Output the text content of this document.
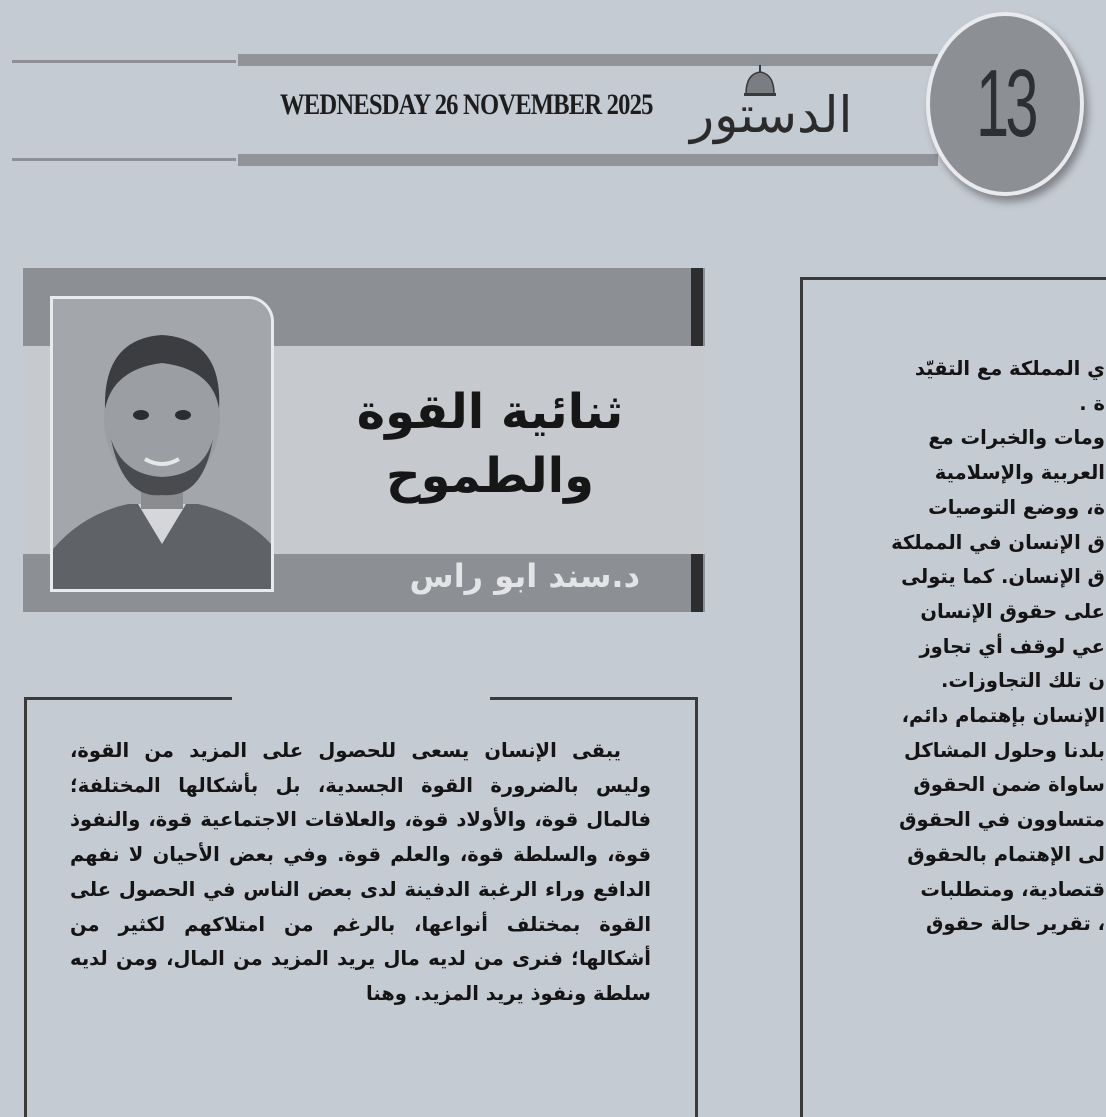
WEDNESDAY 26 NOVEMBER 2025 الدستور 13
ثنائية القوة
والطموح
د.سند ابو راس

يبقى الإنسان يسعى للحصول على المزيد من القوة، وليس بالضرورة القوة الجسدية، بل بأشكالها المختلفة؛ فالمال قوة، والأولاد قوة، والعلاقات الاجتماعية قوة، والنفوذ قوة، والسلطة قوة، والعلم قوة. وفي بعض الأحيان لا نفهم الدافع وراء الرغبة الدفينة لدى بعض الناس في الحصول على القوة بمختلف أنواعها، بالرغم من امتلاكهم لكثير من أشكالها؛ فنرى من لديه مال يريد المزيد من المال، ومن لديه سلطة ونفوذ يريد المزيد. وهنا

ي المملكة مع التقيّد
ة .
ومات والخبرات مع
العربية والإسلامية
ة، ووضع التوصيات
ق الإنسان في المملكة
ق الإنسان. كما يتولى
على حقوق الإنسان
عي لوقف أي تجاوز
ن تلك التجاوزات.
الإنسان بإهتمام دائم،
بلدنا وحلول المشاكل
ساواة ضمن الحقوق
متساوون في الحقوق
لى الإهتمام بالحقوق
قتصادية، ومتطلبات
، تقرير حالة حقوق
